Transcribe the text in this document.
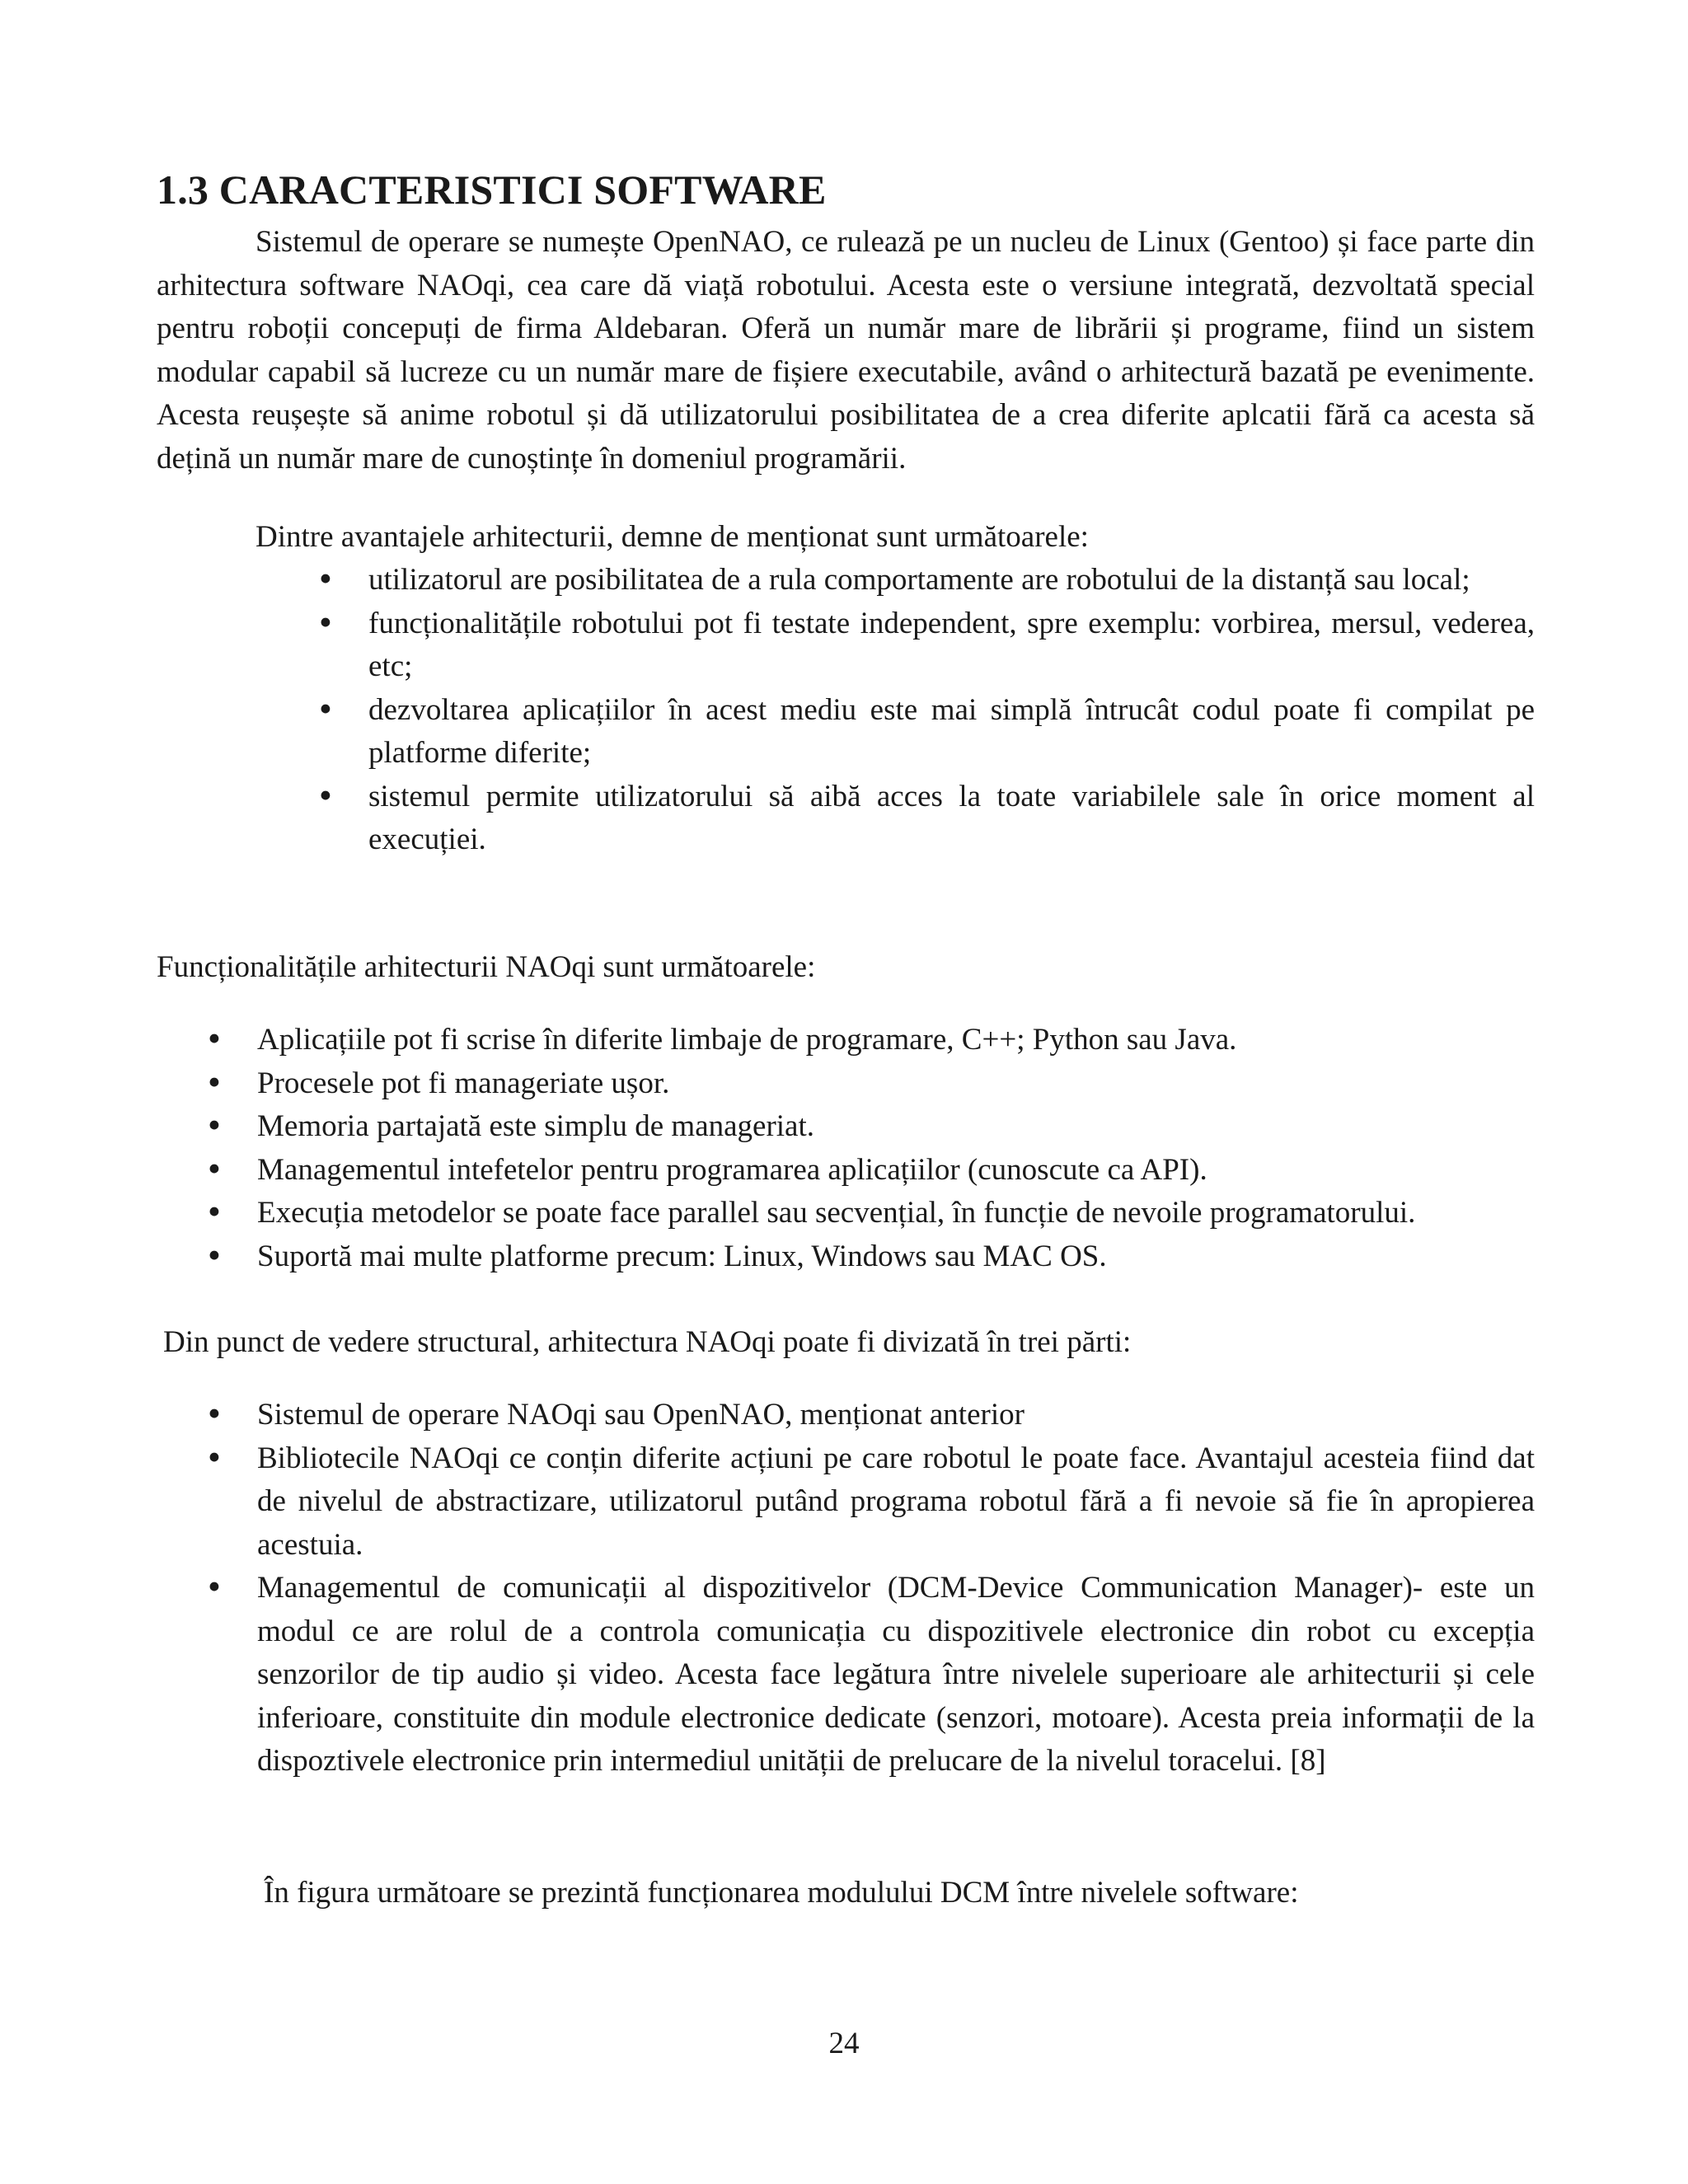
1.3 CARACTERISTICI SOFTWARE

Sistemul de operare se numește OpenNAO, ce rulează pe un nucleu de Linux (Gentoo) și face parte din arhitectura software NAOqi, cea care dă viață robotului. Acesta este o versiune integrată, dezvoltată special pentru roboții concepuți de firma Aldebaran. Oferă un număr mare de librării și programe, fiind un sistem modular capabil să lucreze cu un număr mare de fișiere executabile, având o arhitectură bazată pe evenimente. Acesta reușește să anime robotul și dă utilizatorului posibilitatea de a crea diferite aplcatii fără ca acesta să dețină un număr mare de cunoștințe în domeniul programării.

Dintre avantajele arhitecturii, demne de menționat sunt următoarele:

• utilizatorul are posibilitatea de a rula comportamente are robotului de la distanță sau local;
• funcționalitățile robotului pot fi testate independent, spre exemplu: vorbirea, mersul, vederea, etc;
• dezvoltarea aplicațiilor în acest mediu este mai simplă întrucât codul poate fi compilat pe platforme diferite;
• sistemul permite utilizatorului să aibă acces la toate variabilele sale în orice moment al execuției.

Funcționalitățile arhitecturii NAOqi sunt următoarele:

• Aplicațiile pot fi scrise în diferite limbaje de programare, C++; Python sau Java.
• Procesele pot fi manageriate ușor.
• Memoria partajată este simplu de manageriat.
• Managementul intefetelor pentru programarea aplicațiilor (cunoscute ca API).
• Execuția metodelor se poate face parallel sau secvențial, în funcție de nevoile programatorului.
• Suportă mai multe platforme precum: Linux, Windows sau MAC OS.

Din punct de vedere structural, arhitectura NAOqi poate fi divizată în trei părti:

• Sistemul de operare NAOqi sau OpenNAO, menționat anterior
• Bibliotecile NAOqi ce conțin diferite acțiuni pe care robotul le poate face. Avantajul acesteia fiind dat de nivelul de abstractizare, utilizatorul putând programa robotul fără a fi nevoie să fie în apropierea acestuia.
• Managementul de comunicații al dispozitivelor (DCM-Device Communication Manager)- este un modul ce are rolul de a controla comunicația cu dispozitivele electronice din robot cu excepția senzorilor de tip audio și video. Acesta face legătura între nivelele superioare ale arhitecturii și cele inferioare, constituite din module electronice dedicate (senzori, motoare). Acesta preia informații de la dispoztivele electronice prin intermediul unității de prelucare de la nivelul toracelui. [8]

În figura următoare se prezintă funcționarea modulului DCM între nivelele software:

24
